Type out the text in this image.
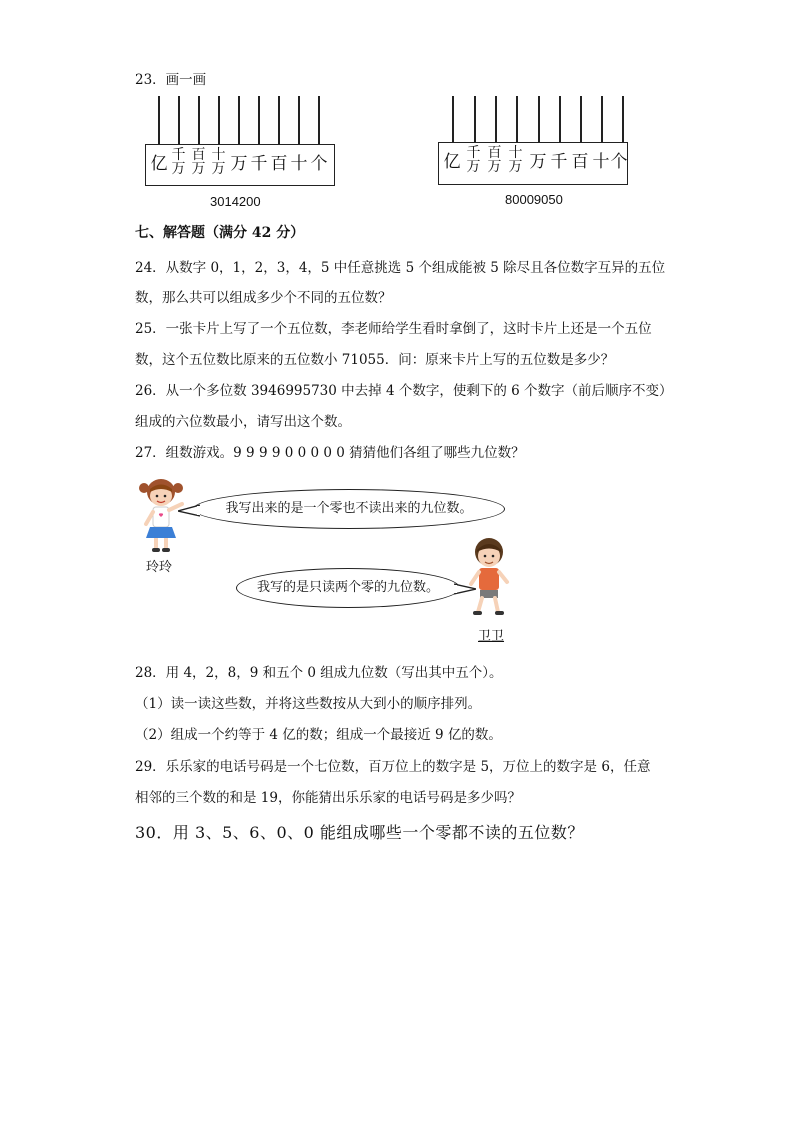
23．画一画
亿 千万
百万
十万 万 千 百 十 个
3014200
亿 千万
百万
十万 万 千 百 十 个
80009050
七、解答题（满分 42 分）
24．从数字 0，1，2，3，4，5 中任意挑选 5 个组成能被 5 除尽且各位数字互异的五位
数，那么共可以组成多少个不同的五位数？
25．一张卡片上写了一个五位数，李老师给学生看时拿倒了，这时卡片上还是一个五位
数，这个五位数比原来的五位数小 71055．问：原来卡片上写的五位数是多少？
26．从一个多位数 3946995730 中去掉 4 个数字，使剩下的 6 个数字（前后顺序不变）
组成的六位数最小，请写出这个数。
27．组数游戏。9 9 9 9 0 0 0 0 0 猜猜他们各组了哪些九位数？
玲玲
我写出来的是一个零也不读出来的九位数。
我写的是只读两个零的九位数。
卫卫
28．用 4，2，8，9 和五个 0 组成九位数（写出其中五个）。
（1）读一读这些数，并将这些数按从大到小的顺序排列。
（2）组成一个约等于 4 亿的数；组成一个最接近 9 亿的数。
29．乐乐家的电话号码是一个七位数，百万位上的数字是 5，万位上的数字是 6，任意
相邻的三个数的和是 19，你能猜出乐乐家的电话号码是多少吗？
30．用 3、5、6、0、0 能组成哪些一个零都不读的五位数？
